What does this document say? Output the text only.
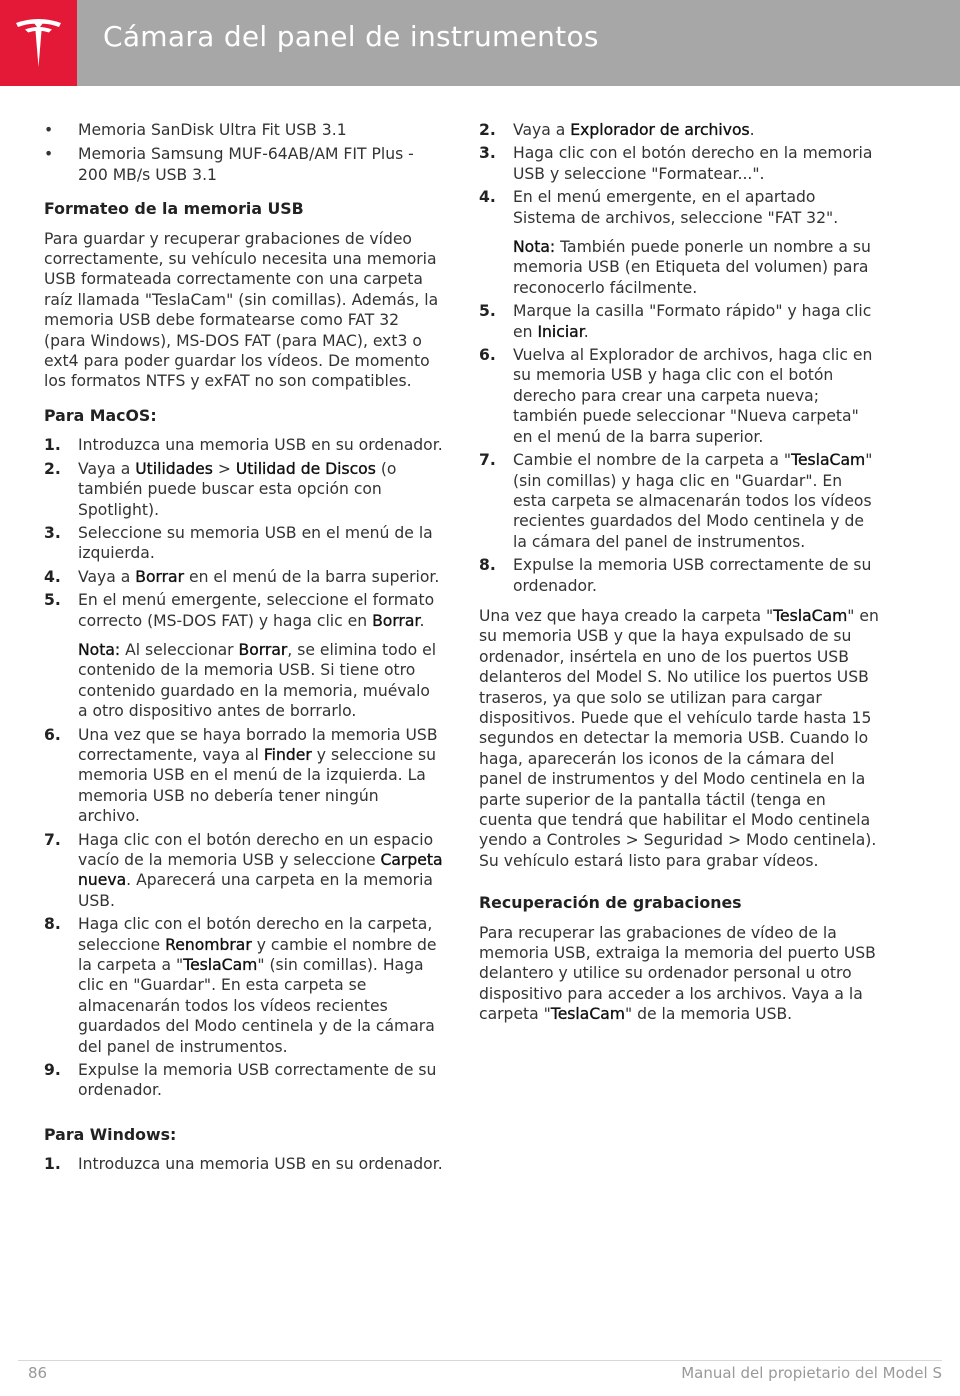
Cámara del panel de instrumentos
• Memoria SanDisk Ultra Fit USB 3.1
• Memoria Samsung MUF-64AB/AM FIT Plus - 200 MB/s USB 3.1
Formateo de la memoria USB

Para guardar y recuperar grabaciones de vídeo correctamente, su vehículo necesita una memoria USB formateada correctamente con una carpeta raíz llamada "TeslaCam" (sin comillas). Además, la memoria USB debe formatearse como FAT 32 (para Windows), MS-DOS FAT (para MAC), ext3 o ext4 para poder guardar los vídeos. De momento los formatos NTFS y exFAT no son compatibles.

Para MacOS:
1. Introduzca una memoria USB en su ordenador.
2. Vaya a Utilidades > Utilidad de Discos (o también puede buscar esta opción con Spotlight).
3. Seleccione su memoria USB en el menú de la izquierda.
4. Vaya a Borrar en el menú de la barra superior.
5. En el menú emergente, seleccione el formato correcto (MS-DOS FAT) y haga clic en Borrar.
Nota: Al seleccionar Borrar, se elimina todo el contenido de la memoria USB. Si tiene otro contenido guardado en la memoria, muévalo a otro dispositivo antes de borrarlo.
6. Una vez que se haya borrado la memoria USB correctamente, vaya al Finder y seleccione su memoria USB en el menú de la izquierda. La memoria USB no debería tener ningún archivo.
7. Haga clic con el botón derecho en un espacio vacío de la memoria USB y seleccione Carpeta nueva. Aparecerá una carpeta en la memoria USB.
8. Haga clic con el botón derecho en la carpeta, seleccione Renombrar y cambie el nombre de la carpeta a "TeslaCam" (sin comillas). Haga clic en "Guardar". En esta carpeta se almacenarán todos los vídeos recientes guardados del Modo centinela y de la cámara del panel de instrumentos.
9. Expulse la memoria USB correctamente de su ordenador.
Para Windows:
1. Introduzca una memoria USB en su ordenador.
2. Vaya a Explorador de archivos.
3. Haga clic con el botón derecho en la memoria USB y seleccione "Formatear...".
4. En el menú emergente, en el apartado Sistema de archivos, seleccione "FAT 32".
Nota: También puede ponerle un nombre a su memoria USB (en Etiqueta del volumen) para reconocerlo fácilmente.
5. Marque la casilla "Formato rápido" y haga clic en Iniciar.
6. Vuelva al Explorador de archivos, haga clic en su memoria USB y haga clic con el botón derecho para crear una carpeta nueva; también puede seleccionar "Nueva carpeta" en el menú de la barra superior.
7. Cambie el nombre de la carpeta a "TeslaCam" (sin comillas) y haga clic en "Guardar". En esta carpeta se almacenarán todos los vídeos recientes guardados del Modo centinela y de la cámara del panel de instrumentos.
8. Expulse la memoria USB correctamente de su ordenador.

Una vez que haya creado la carpeta "TeslaCam" en su memoria USB y que la haya expulsado de su ordenador, insértela en uno de los puertos USB delanteros del Model S. No utilice los puertos USB traseros, ya que solo se utilizan para cargar dispositivos. Puede que el vehículo tarde hasta 15 segundos en detectar la memoria USB. Cuando lo haga, aparecerán los iconos de la cámara del panel de instrumentos y del Modo centinela en la parte superior de la pantalla táctil (tenga en cuenta que tendrá que habilitar el Modo centinela yendo a Controles > Seguridad > Modo centinela). Su vehículo estará listo para grabar vídeos.

Recuperación de grabaciones

Para recuperar las grabaciones de vídeo de la memoria USB, extraiga la memoria del puerto USB delantero y utilice su ordenador personal u otro dispositivo para acceder a los archivos. Vaya a la carpeta "TeslaCam" de la memoria USB.

86	Manual del propietario del Model S
